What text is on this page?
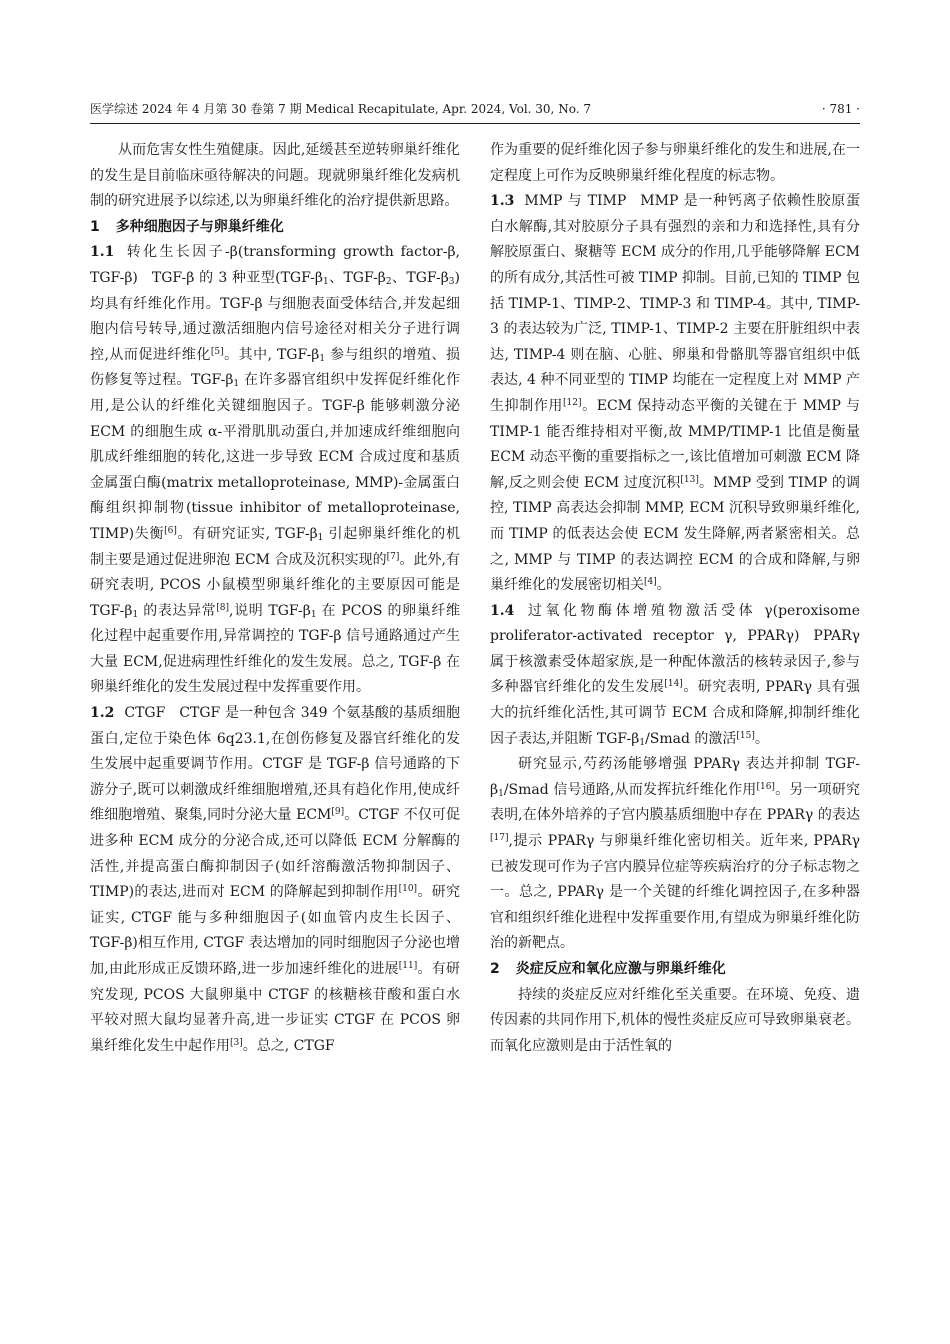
医学综述 2024 年 4 月第 30 卷第 7 期 Medical Recapitulate, Apr. 2024, Vol. 30, No. 7	· 781 ·

从而危害女性生殖健康。因此,延缓甚至逆转卵巢纤维化的发生是目前临床亟待解决的问题。现就卵巢纤维化发病机制的研究进展予以综述,以为卵巢纤维化的治疗提供新思路。

1 多种细胞因子与卵巢纤维化

1.1 转化生长因子-β(transforming growth factor-β, TGF-β) TGF-β 的 3 种亚型($TGF-\beta_1$、TGF-$\beta_2$、TGF-$\beta_3$)均具有纤维化作用。TGF-β 与细胞表面受体结合,并发起细胞内信号转导,通过激活细胞内信号途径对相关分子进行调控,从而促进纤维化[5]。其中, TGF-$\beta_1$ 参与组织的增殖、损伤修复等过程。TGF-$\beta_1$ 在许多器官组织中发挥促纤维化作用,是公认的纤维化关键细胞因子。TGF-β 能够刺激分泌 ECM 的细胞生成 α-平滑肌肌动蛋白,并加速成纤维细胞向肌成纤维细胞的转化,这进一步导致 ECM 合成过度和基质金属蛋白酶(matrix metalloproteinase, MMP)-金属蛋白酶组织抑制物(tissue inhibitor of metalloproteinase, TIMP)失衡[6]。有研究证实, TGF-$\beta_1$ 引起卵巢纤维化的机制主要是通过促进卵泡 ECM 合成及沉积实现的[7]。此外,有研究表明, PCOS 小鼠模型卵巢纤维化的主要原因可能是 TGF-$\beta_1$ 的表达异常[8],说明 TGF-$\beta_1$ 在 PCOS 的卵巢纤维化过程中起重要作用,异常调控的 TGF-β 信号通路通过产生大量 ECM,促进病理性纤维化的发生发展。总之, TGF-β 在卵巢纤维化的发生发展过程中发挥重要作用。

1.2 CTGF CTGF 是一种包含 349 个氨基酸的基质细胞蛋白,定位于染色体 6q23.1,在创伤修复及器官纤维化的发生发展中起重要调节作用。CTGF 是 TGF-β 信号通路的下游分子,既可以刺激成纤维细胞增殖,还具有趋化作用,使成纤维细胞增殖、聚集,同时分泌大量 ECM[9]。CTGF 不仅可促进多种 ECM 成分的分泌合成,还可以降低 ECM 分解酶的活性,并提高蛋白酶抑制因子(如纤溶酶激活物抑制因子、TIMP)的表达,进而对 ECM 的降解起到抑制作用[10]。研究证实, CTGF 能与多种细胞因子(如血管内皮生长因子、TGF-β)相互作用, CTGF 表达增加的同时细胞因子分泌也增加,由此形成正反馈环路,进一步加速纤维化的进展[11]。有研究发现, PCOS 大鼠卵巢中 CTGF 的核糖核苷酸和蛋白水平较对照大鼠均显著升高,进一步证实 CTGF 在 PCOS 卵巢纤维化发生中起作用[3]。总之, CTGF

作为重要的促纤维化因子参与卵巢纤维化的发生和进展,在一定程度上可作为反映卵巢纤维化程度的标志物。

1.3 MMP 与 TIMP MMP 是一种钙离子依赖性胶原蛋白水解酶,其对胶原分子具有强烈的亲和力和选择性,具有分解胶原蛋白、聚糖等 ECM 成分的作用,几乎能够降解 ECM 的所有成分,其活性可被 TIMP 抑制。目前,已知的 TIMP 包括 TIMP-1、TIMP-2、TIMP-3 和 TIMP-4。其中, TIMP-3 的表达较为广泛, TIMP-1、TIMP-2 主要在肝脏组织中表达, TIMP-4 则在脑、心脏、卵巢和骨骼肌等器官组织中低表达, 4 种不同亚型的 TIMP 均能在一定程度上对 MMP 产生抑制作用[12]。ECM 保持动态平衡的关键在于 MMP 与 TIMP-1 能否维持相对平衡,故 MMP/TIMP-1 比值是衡量 ECM 动态平衡的重要指标之一,该比值增加可刺激 ECM 降解,反之则会使 ECM 过度沉积[13]。MMP 受到 TIMP 的调控, TIMP 高表达会抑制 MMP, ECM 沉积导致卵巢纤维化,而 TIMP 的低表达会使 ECM 发生降解,两者紧密相关。总之, MMP 与 TIMP 的表达调控 ECM 的合成和降解,与卵巢纤维化的发展密切相关[4]。

1.4 过氧化物酶体增殖物激活受体 γ(peroxisome proliferator-activated receptor γ, PPARγ) PPARγ 属于核激素受体超家族,是一种配体激活的核转录因子,参与多种器官纤维化的发生发展[14]。研究表明, PPARγ 具有强大的抗纤维化活性,其可调节 ECM 合成和降解,抑制纤维化因子表达,并阻断 TGF-$\beta_1$/Smad 的激活[15]。

研究显示,芍药汤能够增强 PPARγ 表达并抑制 TGF-$\beta_1$/Smad 信号通路,从而发挥抗纤维化作用[16]。另一项研究表明,在体外培养的子宫内膜基质细胞中存在 PPARγ 的表达[17],提示 PPARγ 与卵巢纤维化密切相关。近年来, PPARγ 已被发现可作为子宫内膜异位症等疾病治疗的分子标志物之一。总之, PPARγ 是一个关键的纤维化调控因子,在多种器官和组织纤维化进程中发挥重要作用,有望成为卵巢纤维化防治的新靶点。

2 炎症反应和氧化应激与卵巢纤维化

持续的炎症反应对纤维化至关重要。在环境、免疫、遗传因素的共同作用下,机体的慢性炎症反应可导致卵巢衰老。而氧化应激则是由于活性氧的
